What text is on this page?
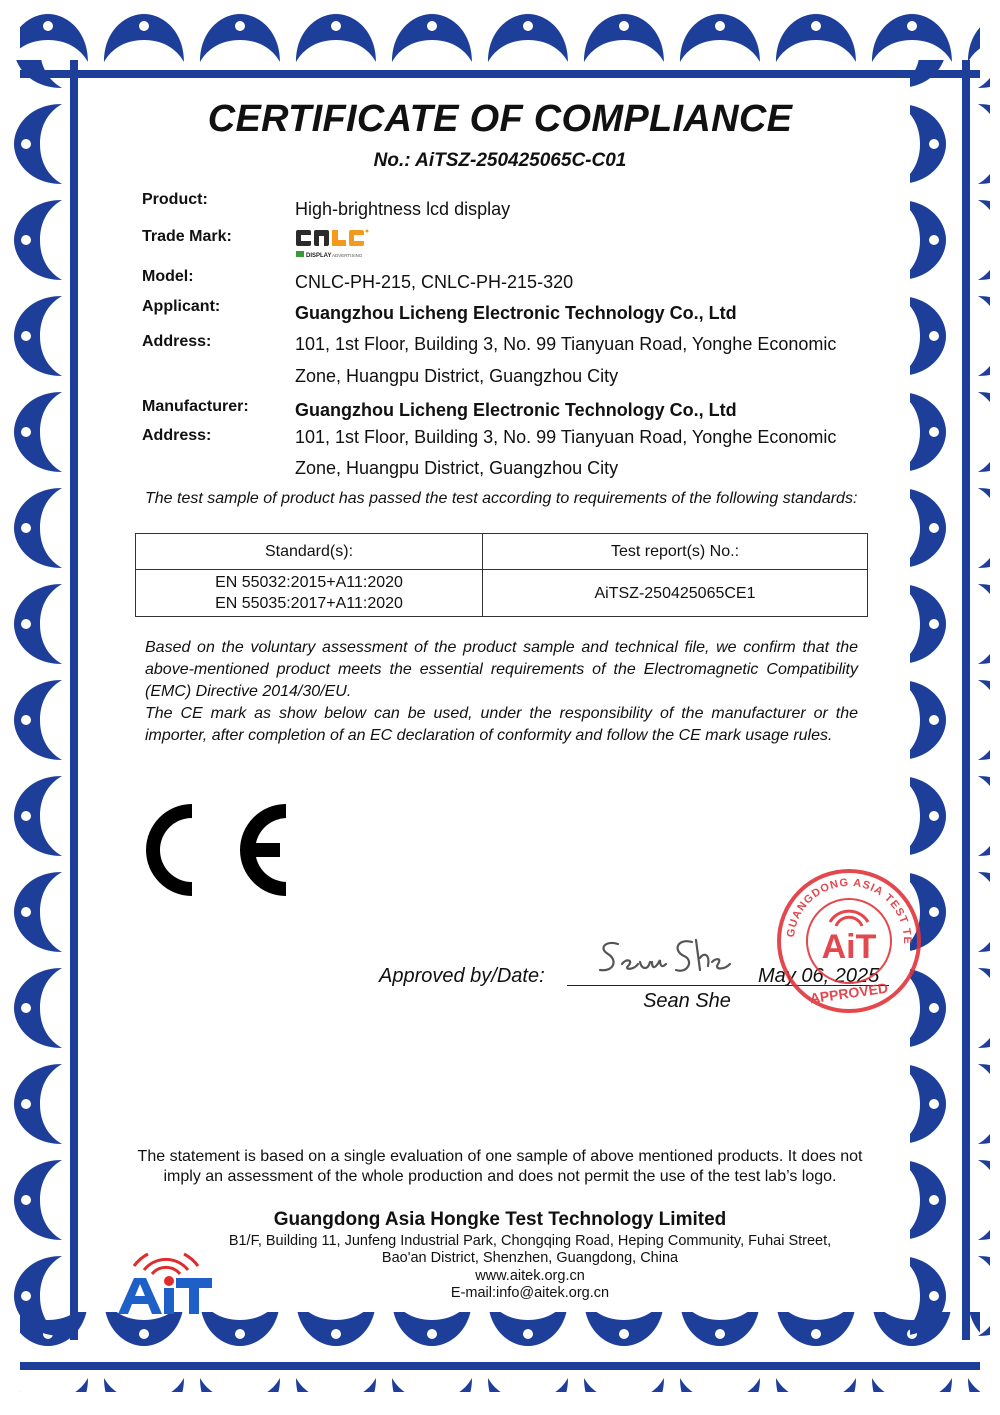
CERTIFICATE OF COMPLIANCE
No.: AiTSZ-250425065C-C01
Product:	High-brightness lcd display
Trade Mark:
DISPLAY ADVERTISING
Model:	CNLC-PH-215, CNLC-PH-215-320
Applicant:	Guangzhou Licheng Electronic Technology Co., Ltd
Address:	101, 1st Floor, Building 3, No. 99 Tianyuan Road, Yonghe Economic
Zone, Huangpu District, Guangzhou City
Manufacturer:	Guangzhou Licheng Electronic Technology Co., Ltd
Address:	101, 1st Floor, Building 3, No. 99 Tianyuan Road, Yonghe Economic
Zone, Huangpu District, Guangzhou City
The test sample of product has passed the test according to requirements of the following standards:
Standard(s):	Test report(s) No.:

EN 55032:2015+A11:2020
EN 55035:2017+A11:2020	AiTSZ-250425065CE1
Based on the voluntary assessment of the product sample and technical file, we confirm that the above-mentioned product meets the essential requirements of the Electromagnetic Compatibility (EMC) Directive 2014/30/EU.
The CE mark as show below can be used, under the responsibility of the manufacturer or the importer, after completion of an EC declaration of conformity and follow the CE mark usage rules.
Approved by/Date:
Sean She
May 06, 2025
GUANGDONG ASIA TEST TE
AiT
APPROVED
The statement is based on a single evaluation of one sample of above mentioned products. It does not
imply an assessment of the whole production and does not permit the use of the test lab’s logo.
Guangdong Asia Hongke Test Technology Limited
B1/F, Building 11, Junfeng Industrial Park, Chongqing Road, Heping Community, Fuhai Street,
Bao'an District, Shenzhen, Guangdong, China
www.aitek.org.cn
E-mail:info@aitek.org.cn
